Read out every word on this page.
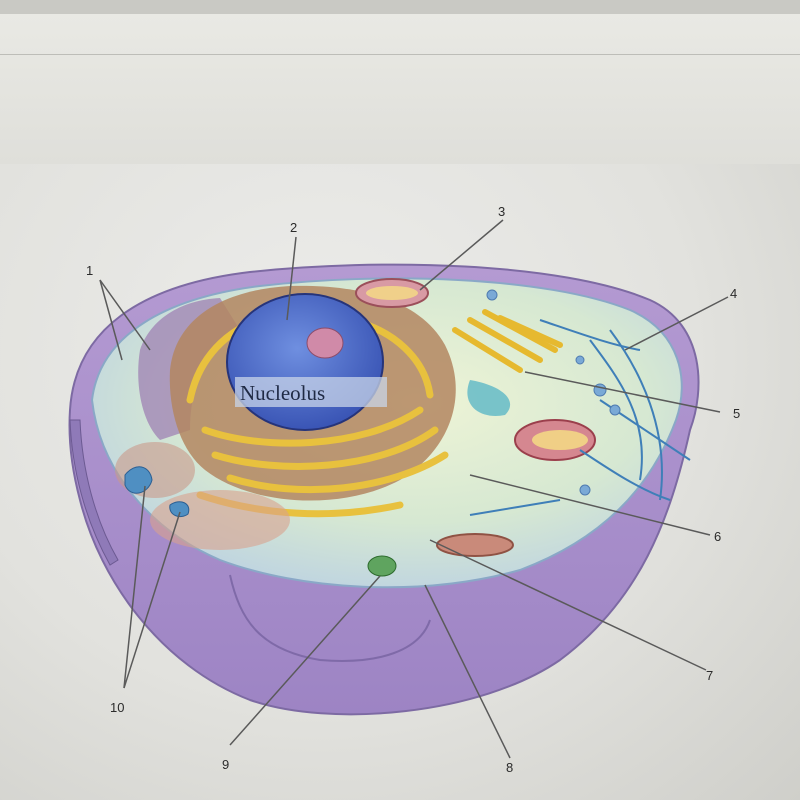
Nucleolus
1
2
3
4
5
6
7
8
9
10
